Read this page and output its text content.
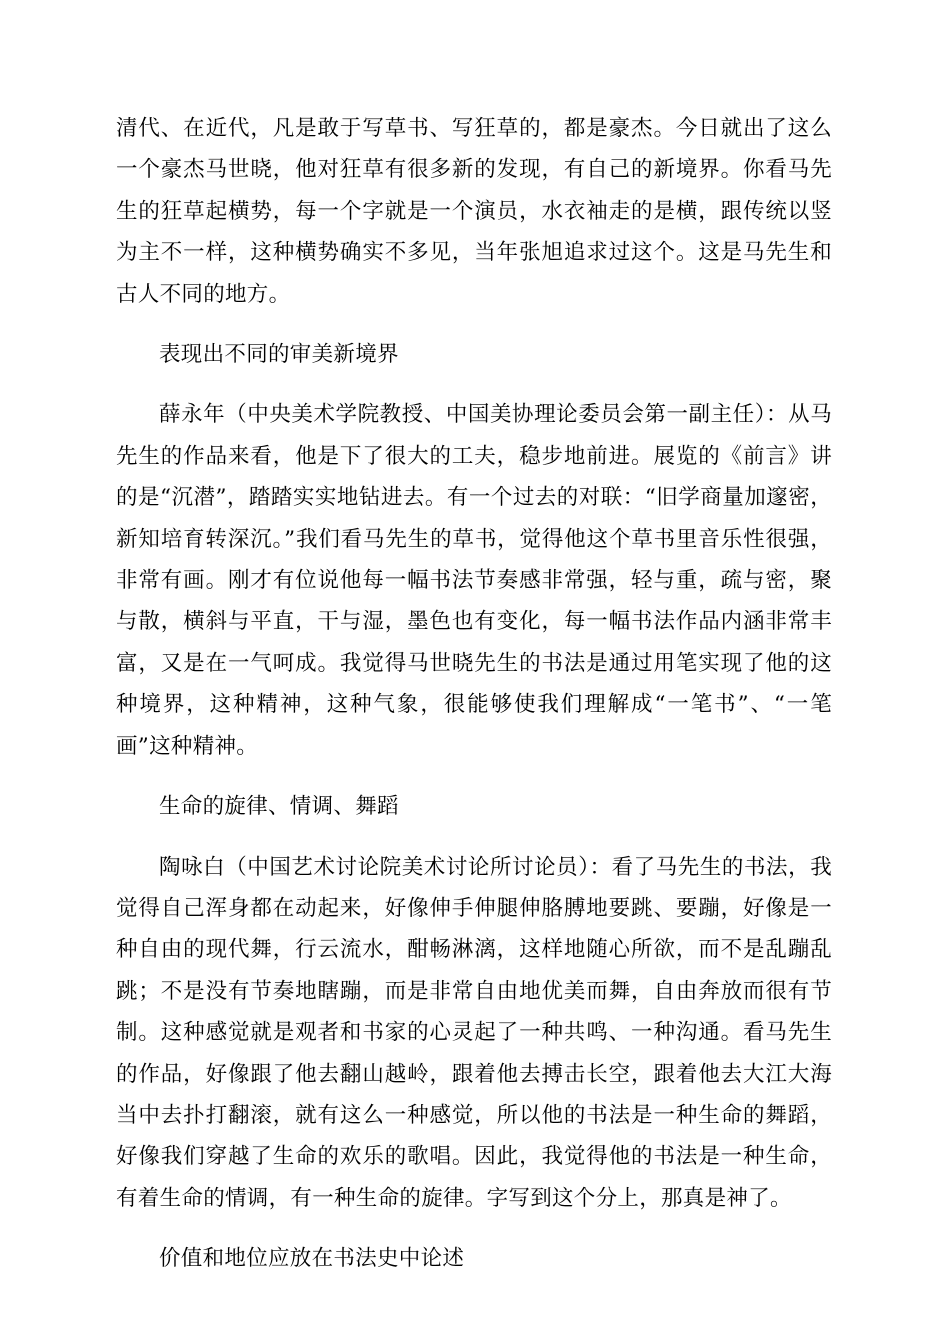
清代、在近代，凡是敢于写草书、写狂草的，都是豪杰。今日就出了这么一个豪杰马世晓，他对狂草有很多新的发现，有自己的新境界。你看马先生的狂草起横势，每一个字就是一个演员，水衣袖走的是横，跟传统以竖为主不一样，这种横势确实不多见，当年张旭追求过这个。这是马先生和古人不同的地方。

表现出不同的审美新境界

薛永年（中央美术学院教授、中国美协理论委员会第一副主任）：从马先生的作品来看，他是下了很大的工夫，稳步地前进。展览的《前言》讲的是“沉潜”，踏踏实实地钻进去。有一个过去的对联：“旧学商量加邃密，新知培育转深沉。”我们看马先生的草书，觉得他这个草书里音乐性很强，非常有画。刚才有位说他每一幅书法节奏感非常强，轻与重，疏与密，聚与散，横斜与平直，干与湿，墨色也有变化，每一幅书法作品内涵非常丰富，又是在一气呵成。我觉得马世晓先生的书法是通过用笔实现了他的这种境界，这种精神，这种气象，很能够使我们理解成“一笔书”、“一笔画”这种精神。

生命的旋律、情调、舞蹈

陶咏白（中国艺术讨论院美术讨论所讨论员）：看了马先生的书法，我觉得自己浑身都在动起来，好像伸手伸腿伸胳膊地要跳、要蹦，好像是一种自由的现代舞，行云流水，酣畅淋漓，这样地随心所欲，而不是乱蹦乱跳；不是没有节奏地瞎蹦，而是非常自由地优美而舞，自由奔放而很有节制。这种感觉就是观者和书家的心灵起了一种共鸣、一种沟通。看马先生的作品，好像跟了他去翻山越岭，跟着他去搏击长空，跟着他去大江大海当中去扑打翻滚，就有这么一种感觉，所以他的书法是一种生命的舞蹈，好像我们穿越了生命的欢乐的歌唱。因此，我觉得他的书法是一种生命，有着生命的情调，有一种生命的旋律。字写到这个分上，那真是神了。

价值和地位应放在书法史中论述
